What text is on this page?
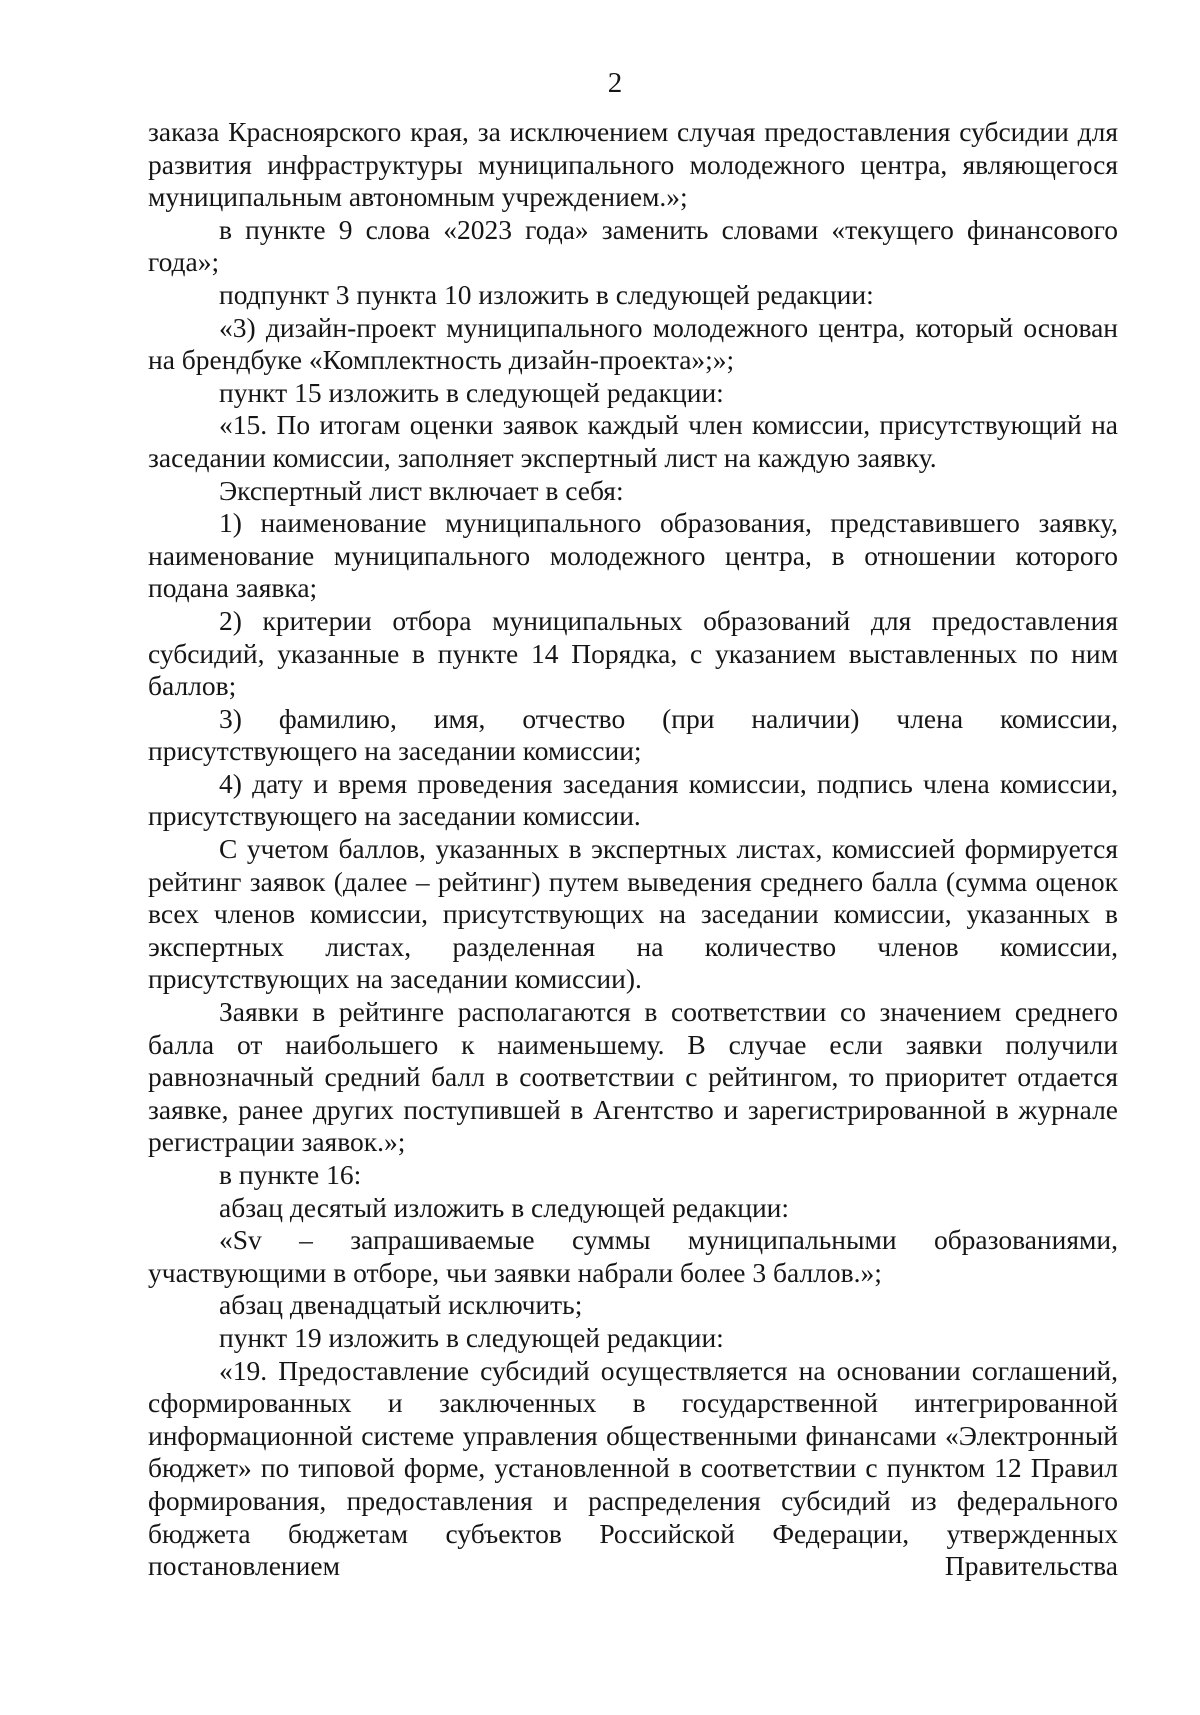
2

заказа Красноярского края, за исключением случая предоставления субсидии для развития инфраструктуры муниципального молодежного центра, являющегося муниципальным автономным учреждением.»;

в пункте 9 слова «2023 года» заменить словами «текущего финансового года»;

подпункт 3 пункта 10 изложить в следующей редакции:

«3) дизайн-проект муниципального молодежного центра, который основан на брендбуке «Комплектность дизайн-проекта»;»;

пункт 15 изложить в следующей редакции:

«15. По итогам оценки заявок каждый член комиссии, присутствующий на заседании комиссии, заполняет экспертный лист на каждую заявку.

Экспертный лист включает в себя:

1) наименование муниципального образования, представившего заявку, наименование муниципального молодежного центра, в отношении которого подана заявка;

2) критерии отбора муниципальных образований для предоставления субсидий, указанные в пункте 14 Порядка, с указанием выставленных по ним баллов;

3) фамилию, имя, отчество (при наличии) члена комиссии, присутствующего на заседании комиссии;

4) дату и время проведения заседания комиссии, подпись члена комиссии, присутствующего на заседании комиссии.

С учетом баллов, указанных в экспертных листах, комиссией формируется рейтинг заявок (далее – рейтинг) путем выведения среднего балла (сумма оценок всех членов комиссии, присутствующих на заседании комиссии, указанных в экспертных листах, разделенная на количество членов комиссии, присутствующих на заседании комиссии).

Заявки в рейтинге располагаются в соответствии со значением среднего балла от наибольшего к наименьшему. В случае если заявки получили равнозначный средний балл в соответствии с рейтингом, то приоритет отдается заявке, ранее других поступившей в Агентство и зарегистрированной в журнале регистрации заявок.»;

в пункте 16:

абзац десятый изложить в следующей редакции:

«Sv – запрашиваемые суммы муниципальными образованиями, участвующими в отборе, чьи заявки набрали более 3 баллов.»;

абзац двенадцатый исключить;

пункт 19 изложить в следующей редакции:

«19. Предоставление субсидий осуществляется на основании соглашений, сформированных и заключенных в государственной интегрированной информационной системе управления общественными финансами «Электронный бюджет» по типовой форме, установленной в соответствии с пунктом 12 Правил формирования, предоставления и распределения субсидий из федерального бюджета бюджетам субъектов Российской Федерации, утвержденных постановлением Правительства
